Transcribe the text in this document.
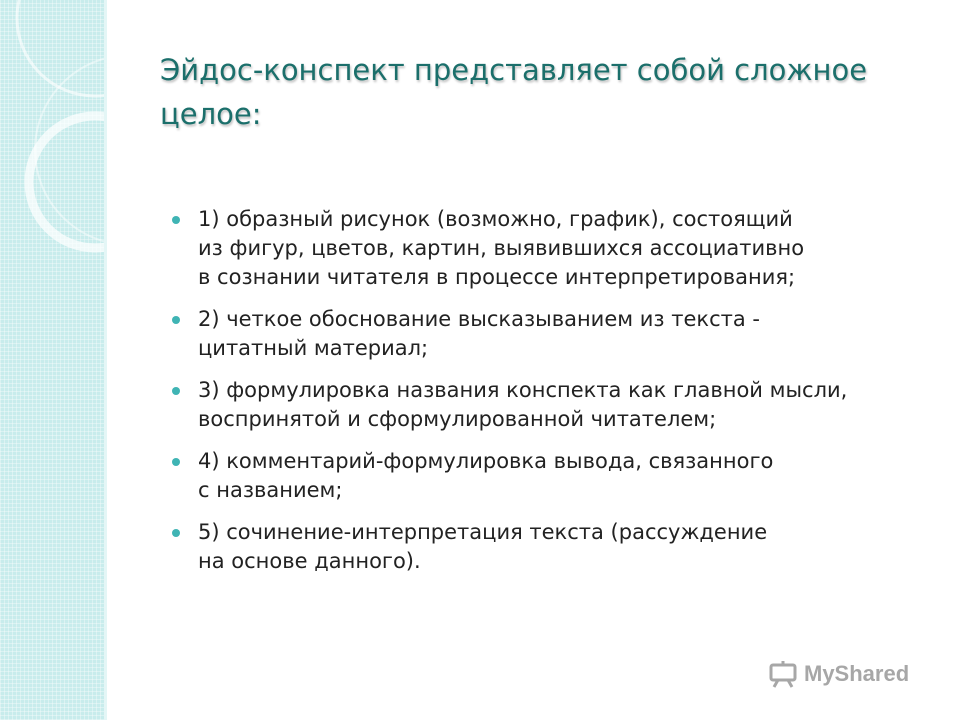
Эйдос-конспект представляет собой сложное
целое:
1) образный рисунок (возможно, график), состоящий
из фигур, цветов, картин, выявившихся ассоциативно
в сознании читателя в процессе интерпретирования;
2) четкое обоснование высказыванием из текста -
цитатный материал;
3) формулировка названия конспекта как главной мысли,
воспринятой и сформулированной читателем;
4) комментарий-формулировка вывода, связанного
с названием;
5) сочинение-интерпретация текста (рассуждение
на основе данного).
MyShared
